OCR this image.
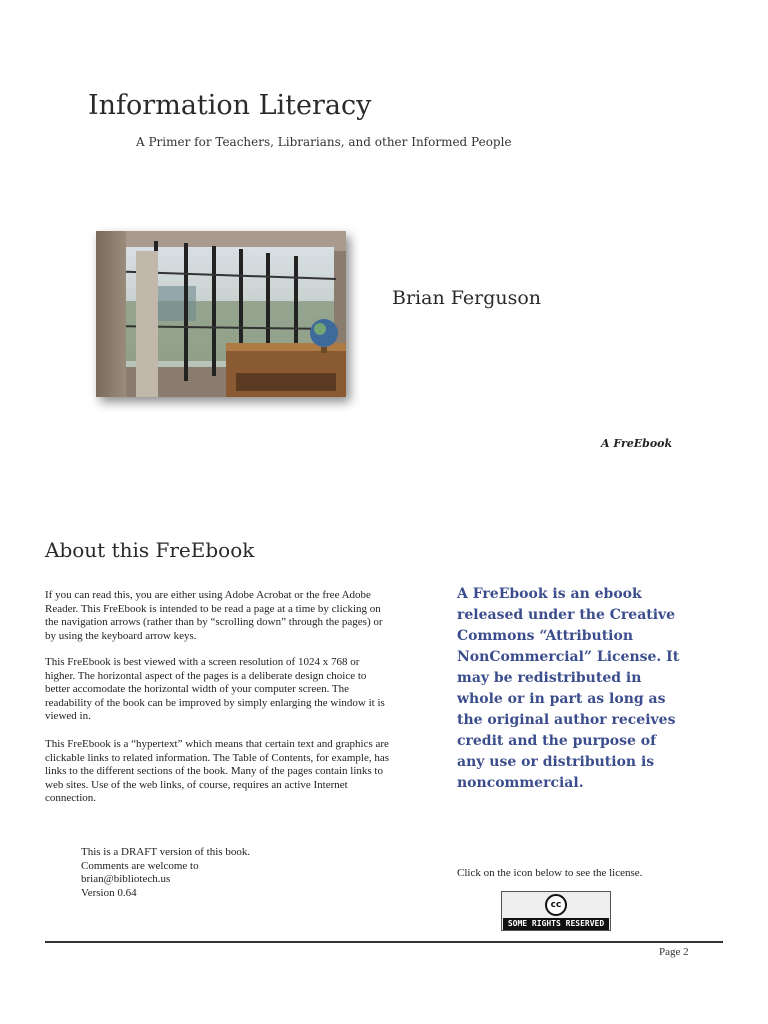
Information Literacy
A Primer for Teachers, Librarians, and other Informed People
Brian Ferguson
A FreEbook
About this FreEbook
If you can read this, you are either using Adobe Acrobat or the free Adobe Reader. This FreEbook is intended to be read a page at a time by clicking on the navigation arrows (rather than by “scrolling down” through the pages) or by using the keyboard arrow keys.
This FreEbook is best viewed with a screen resolution of 1024 x 768 or higher. The horizontal aspect of the pages is a deliberate design choice to better accomodate the horizontal width of your computer screen. The readability of the book can be improved by simply enlarging the window it is viewed in.
This FreEbook is a “hypertext” which means that certain text and graphics are clickable links to related information. The Table of Contents, for example, has links to the different sections of the book. Many of the pages contain links to web sites. Use of the web links, of course, requires an active Internet connection.
This is a DRAFT version of this book.
Comments are welcome to
brian@bibliotech.us
Version 0.64
A FreEbook is an ebook released under the Creative Commons “Attribution NonCommercial” License. It may be redistributed in whole or in part as long as the original author receives credit and the purpose of any use or distribution is noncommercial.
Click on the icon below to see the license.
cc
SOME RIGHTS RESERVED
Page 2
